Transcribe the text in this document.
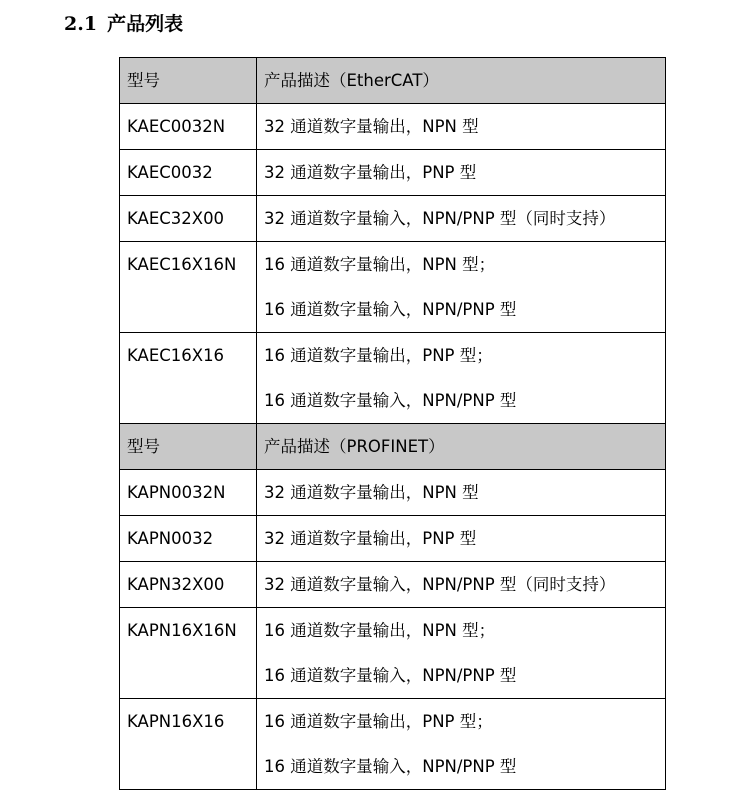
2.1 产品列表
型号	产品描述（EtherCAT）
KAEC0032N	32 通道数字量输出，NPN 型

KAEC0032	32 通道数字量输出，PNP 型

KAEC32X00	32 通道数字量输入，NPN/PNP 型（同时支持）

KAEC16X16N	16 通道数字量输出，NPN 型；
16 通道数字量输入，NPN/PNP 型

KAEC16X16	16 通道数字量输出，PNP 型；
16 通道数字量输入，NPN/PNP 型

型号	产品描述（PROFINET）
KAPN0032N	32 通道数字量输出，NPN 型

KAPN0032	32 通道数字量输出，PNP 型

KAPN32X00	32 通道数字量输入，NPN/PNP 型（同时支持）

KAPN16X16N	16 通道数字量输出，NPN 型；
16 通道数字量输入，NPN/PNP 型

KAPN16X16	16 通道数字量输出，PNP 型；
16 通道数字量输入，NPN/PNP 型
